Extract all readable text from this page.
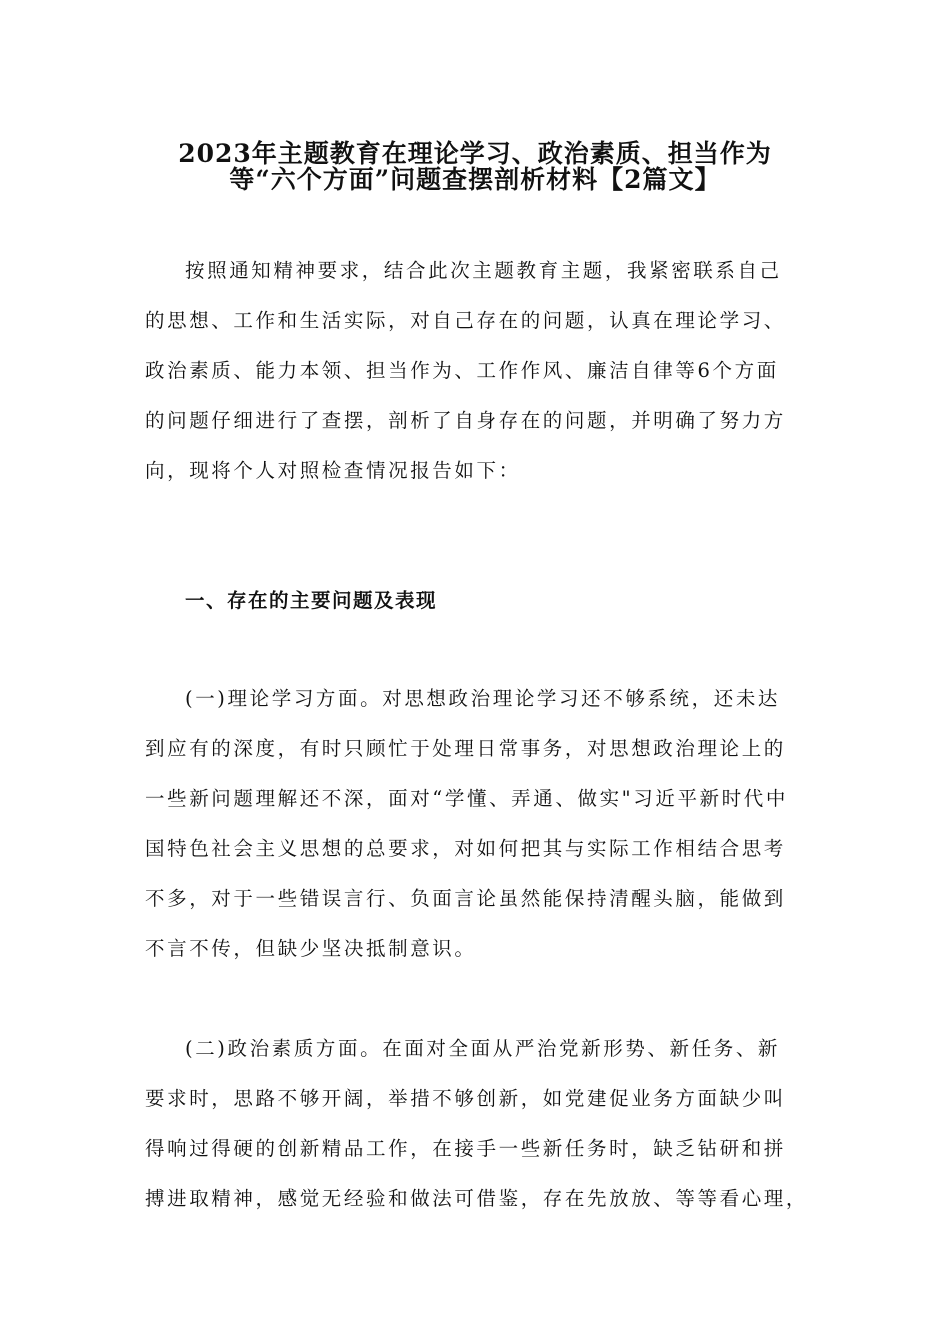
2023年主题教育在理论学习、政治素质、担当作为
等“六个方面”问题查摆剖析材料【2篇文】
按照通知精神要求，结合此次主题教育主题，我紧密联系自己
的思想、工作和生活实际，对自己存在的问题，认真在理论学习、
政治素质、能力本领、担当作为、工作作风、廉洁自律等6个方面
的问题仔细进行了查摆，剖析了自身存在的问题，并明确了努力方
向，现将个人对照检查情况报告如下：
一、存在的主要问题及表现
(一)理论学习方面。对思想政治理论学习还不够系统，还未达
到应有的深度，有时只顾忙于处理日常事务，对思想政治理论上的
一些新问题理解还不深，面对“学懂、弄通、做实"习近平新时代中
国特色社会主义思想的总要求，对如何把其与实际工作相结合思考
不多，对于一些错误言行、负面言论虽然能保持清醒头脑，能做到
不言不传，但缺少坚决抵制意识。
(二)政治素质方面。在面对全面从严治党新形势、新任务、新
要求时，思路不够开阔，举措不够创新，如党建促业务方面缺少叫
得响过得硬的创新精品工作，在接手一些新任务时，缺乏钻研和拼
搏进取精神，感觉无经验和做法可借鉴，存在先放放、等等看心理，
